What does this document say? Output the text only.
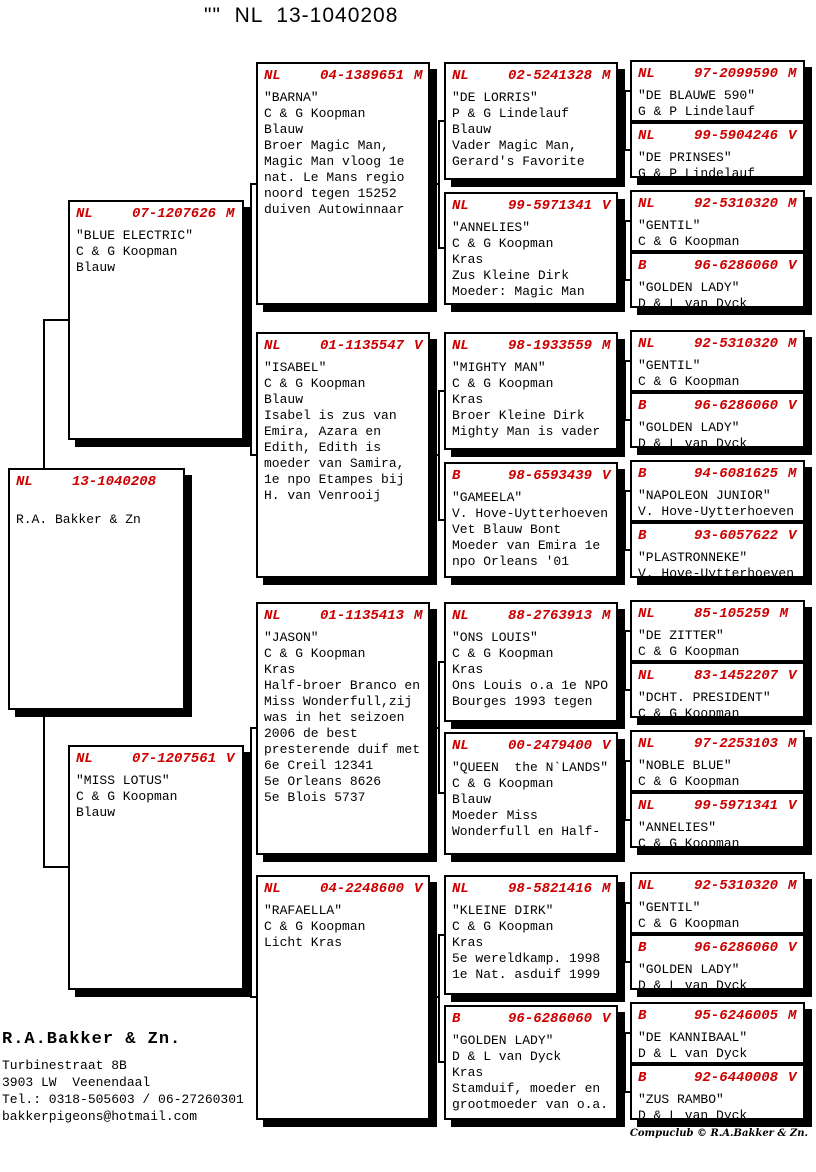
""  NL  13-1040208
R.A.Bakker & Zn.
Turbinestraat 8B
3903 LW  Veenendaal
Tel.: 0318-505603 / 06-27260301
bakkerpigeons@hotmail.com
Compuclub © R.A.Bakker & Zn.
NL	13-1040208
R.A. Bakker & Zn
NL	07-1207626 M
"BLUE ELECTRIC"
C & G Koopman
Blauw
NL	07-1207561 V
"MISS LOTUS"
C & G Koopman
Blauw
NL	04-1389651 M
"BARNA"
C & G Koopman
Blauw
Broer Magic Man,
Magic Man vloog 1e
nat. Le Mans regio
noord tegen 15252
duiven Autowinnaar
NL	01-1135547 V
"ISABEL"
C & G Koopman
Blauw
Isabel is zus van
Emira, Azara en
Edith, Edith is
moeder van Samira,
1e npo Etampes bij
H. van Venrooij
NL	01-1135413 M
"JASON"
C & G Koopman
Kras
Half-broer Branco en
Miss Wonderfull,zij
was in het seizoen
2006 de best
presterende duif met
6e Creil 12341
5e Orleans 8626
5e Blois 5737
NL	04-2248600 V
"RAFAELLA"
C & G Koopman
Licht Kras
NL	02-5241328 M
"DE LORRIS"
P & G Lindelauf
Blauw
Vader Magic Man,
Gerard's Favorite
NL	99-5971341 V
"ANNELIES"
C & G Koopman
Kras
Zus Kleine Dirk
Moeder: Magic Man
NL	98-1933559 M
"MIGHTY MAN"
C & G Koopman
Kras
Broer Kleine Dirk
Mighty Man is vader
B	98-6593439 V
"GAMEELA"
V. Hove-Uytterhoeven
Vet Blauw Bont
Moeder van Emira 1e
npo Orleans '01
NL	88-2763913 M
"ONS LOUIS"
C & G Koopman
Kras
Ons Louis o.a 1e NPO
Bourges 1993 tegen
NL	00-2479400 V
"QUEEN  the N`LANDS"
C & G Koopman
Blauw
Moeder Miss
Wonderfull en Half-
NL	98-5821416 M
"KLEINE DIRK"
C & G Koopman
Kras
5e wereldkamp. 1998
1e Nat. asduif 1999
B	96-6286060 V
"GOLDEN LADY"
D & L van Dyck
Kras
Stamduif, moeder en
grootmoeder van o.a.
NL	97-2099590 M
"DE BLAUWE 590"
G & P Lindelauf
NL	99-5904246 V
"DE PRINSES"
G & P Lindelauf
NL	92-5310320 M
"GENTIL"
C & G Koopman
B	96-6286060 V
"GOLDEN LADY"
D & L van Dyck
NL	92-5310320 M
"GENTIL"
C & G Koopman
B	96-6286060 V
"GOLDEN LADY"
D & L van Dyck
B	94-6081625 M
"NAPOLEON JUNIOR"
V. Hove-Uytterhoeven
B	93-6057622 V
"PLASTRONNEKE"
V. Hove-Uytterhoeven
NL	85-105259 M
"DE ZITTER"
C & G Koopman
NL	83-1452207 V
"DCHT. PRESIDENT"
C & G Koopman
NL	97-2253103 M
"NOBLE BLUE"
C & G Koopman
NL	99-5971341 V
"ANNELIES"
C & G Koopman
NL	92-5310320 M
"GENTIL"
C & G Koopman
B	96-6286060 V
"GOLDEN LADY"
D & L van Dyck
B	95-6246005 M
"DE KANNIBAAL"
D & L van Dyck
B	92-6440008 V
"ZUS RAMBO"
D & L van Dyck
